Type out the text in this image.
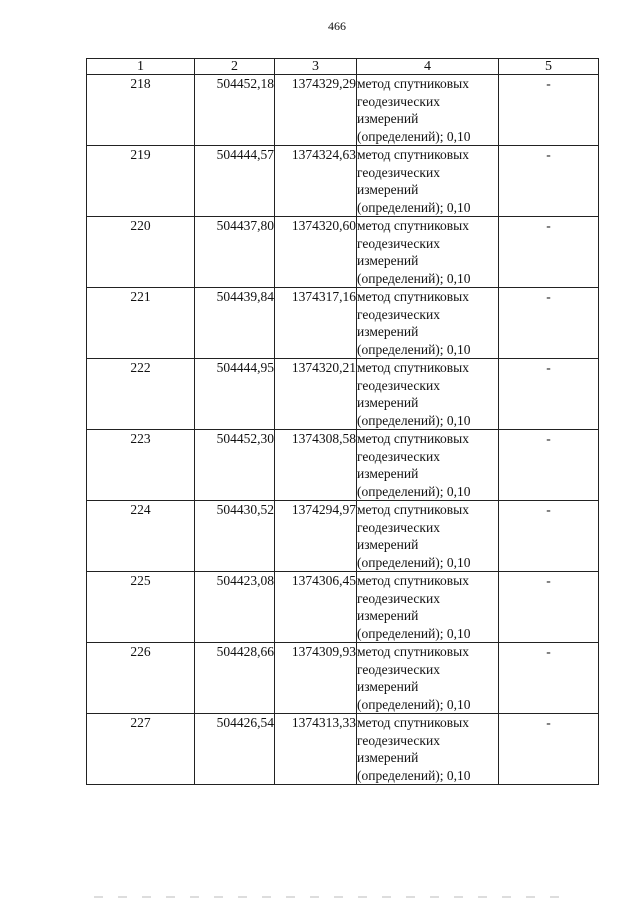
466
1	2	3	4	5
218	504452,18	1374329,29	метод спутниковых геодезических измерений (определений); 0,10	-
219	504444,57	1374324,63	метод спутниковых геодезических измерений (определений); 0,10	-
220	504437,80	1374320,60	метод спутниковых геодезических измерений (определений); 0,10	-
221	504439,84	1374317,16	метод спутниковых геодезических измерений (определений); 0,10	-
222	504444,95	1374320,21	метод спутниковых геодезических измерений (определений); 0,10	-
223	504452,30	1374308,58	метод спутниковых геодезических измерений (определений); 0,10	-
224	504430,52	1374294,97	метод спутниковых геодезических измерений (определений); 0,10	-
225	504423,08	1374306,45	метод спутниковых геодезических измерений (определений); 0,10	-
226	504428,66	1374309,93	метод спутниковых геодезических измерений (определений); 0,10	-
227	504426,54	1374313,33	метод спутниковых геодезических измерений (определений); 0,10	-
